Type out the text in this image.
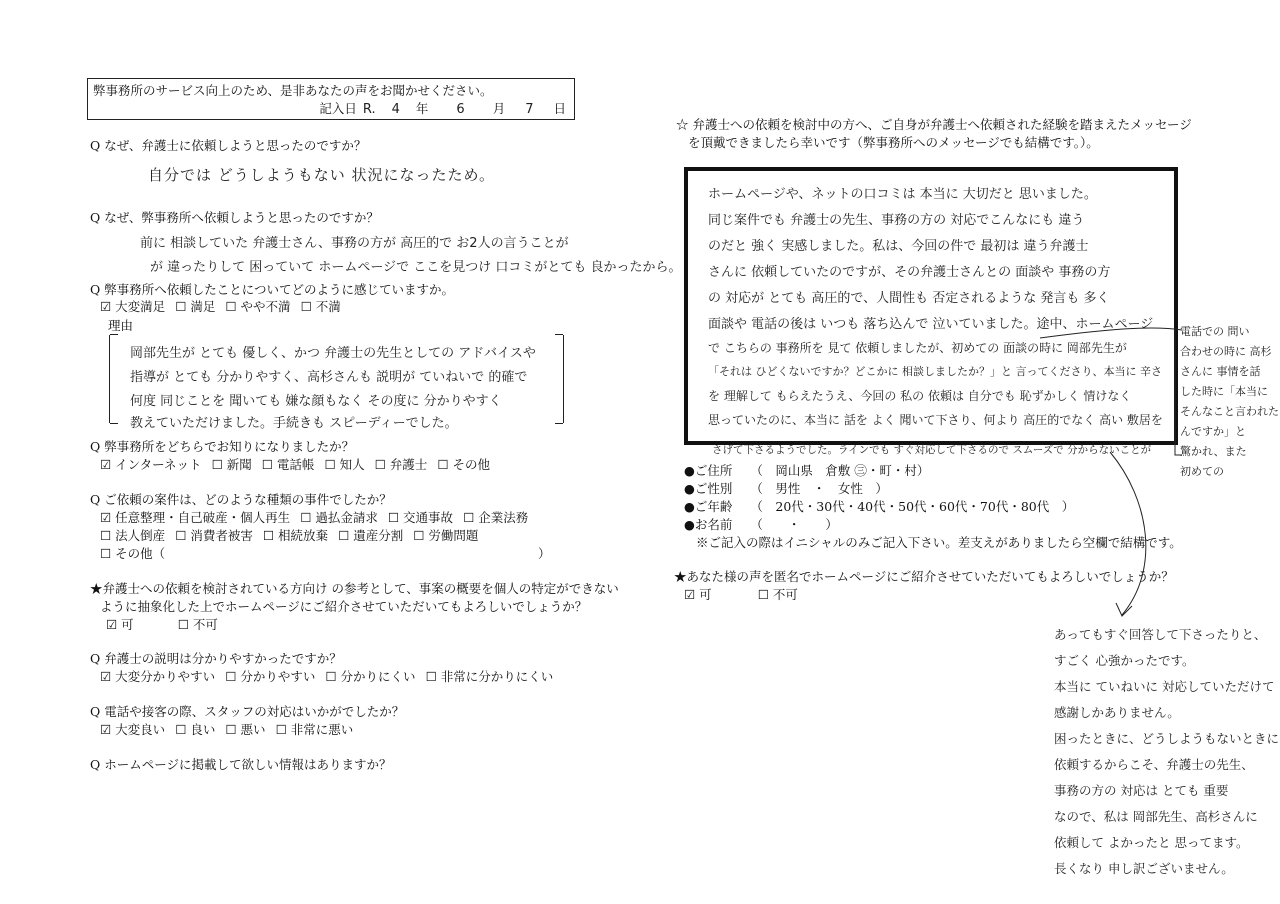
弊事務所のサービス向上のため、是非あなたの声をお聞かせください。
記入日 R. 4 年 6 月 7 日
Q なぜ、弁護士に依頼しようと思ったのですか？
自分では どうしようもない 状況になったため。
Q なぜ、弊事務所へ依頼しようと思ったのですか？
前に 相談していた 弁護士さん、事務の方が 高圧的で お2人の言うことが
が 違ったりして 困っていて ホームページで ここを見つけ 口コミがとても 良かったから。
Q 弊事務所へ依頼したことについてどのように感じていますか。
☑ 大変満足 ☐ 満足 ☐ やや不満 ☐ 不満
理由
岡部先生が とても 優しく、かつ 弁護士の先生としての アドバイスや
指導が とても 分かりやすく、高杉さんも 説明が ていねいで 的確で
何度 同じことを 聞いても 嫌な顔もなく その度に 分かりやすく
教えていただけました。手続きも スピーディーでした。
Q 弊事務所をどちらでお知りになりましたか？
☑ インターネット ☐ 新聞 ☐ 電話帳 ☐ 知人 ☐ 弁護士 ☐ その他
Q ご依頼の案件は、どのような種類の事件でしたか？
☑ 任意整理・自己破産・個人再生 ☐ 過払金請求 ☐ 交通事故 ☐ 企業法務
☐ 法人倒産 ☐ 消費者被害 ☐ 相続放棄 ☐ 遺産分割 ☐ 労働問題
☐ その他（	）
★弁護士への依頼を検討されている方向け の参考として、事案の概要を個人の特定ができない
ように抽象化した上でホームページにご紹介させていただいてもよろしいでしょうか？
☑ 可	☐ 不可
Q 弁護士の説明は分かりやすかったですか？
☑ 大変分かりやすい ☐ 分かりやすい ☐ 分かりにくい ☐ 非常に分かりにくい
Q 電話や接客の際、スタッフの対応はいかがでしたか？
☑ 大変良い ☐ 良い ☐ 悪い ☐ 非常に悪い
Q ホームページに掲載して欲しい情報はありますか？
☆ 弁護士への依頼を検討中の方へ、ご自身が弁護士へ依頼された経験を踏まえたメッセージ
を頂戴できましたら幸いです（弊事務所へのメッセージでも結構です。）。
ホームページや、ネットの口コミは 本当に 大切だと 思いました。
同じ案件でも 弁護士の先生、事務の方の 対応でこんなにも 違う
のだと 強く 実感しました。私は、今回の件で 最初は 違う弁護士
さんに 依頼していたのですが、その弁護士さんとの 面談や 事務の方
の 対応が とても 高圧的で、人間性も 否定されるような 発言も 多く
面談や 電話の後は いつも 落ち込んで 泣いていました。途中、ホームページ
で こちらの 事務所を 見て 依頼しましたが、初めての 面談の時に 岡部先生が
「それは ひどくないですか？どこかに 相談しましたか？」と 言ってくださり、本当に 辛さ
を 理解して もらえたうえ、今回の 私の 依頼は 自分でも 恥ずかしく 情けなく
思っていたのに、本当に 話を よく 聞いて下さり、何より 高圧的でなく 高い 敷居を
さげて下さるようでした。ラインでも すぐ対応して下さるので スムーズで 分からないことが
電話での 問い
合わせの時に 高杉
さんに 事情を話
した時に「本当に
そんなこと言われた
んですか」と
驚かれ、また
初めての
●ご住所 （　岡山県　倉敷 ㊂・町・村）
●ご性別 （　男性　・　女性　）
●ご年齢 （　20代・30代・40代・50代・60代・70代・80代　）
●お名前 （　　・　　）
※ご記入の際はイニシャルのみご記入下さい。差支えがありましたら空欄で結構です。
★あなた様の声を匿名でホームページにご紹介させていただいてもよろしいでしょうか？
☑ 可	☐ 不可
あってもすぐ回答して下さったりと、
すごく 心強かったです。
本当に ていねいに 対応していただけて
感謝しかありません。
困ったときに、どうしようもないときに
依頼するからこそ、弁護士の先生、
事務の方の 対応は とても 重要
なので、私は 岡部先生、高杉さんに
依頼して よかったと 思ってます。
長くなり 申し訳ございません。
